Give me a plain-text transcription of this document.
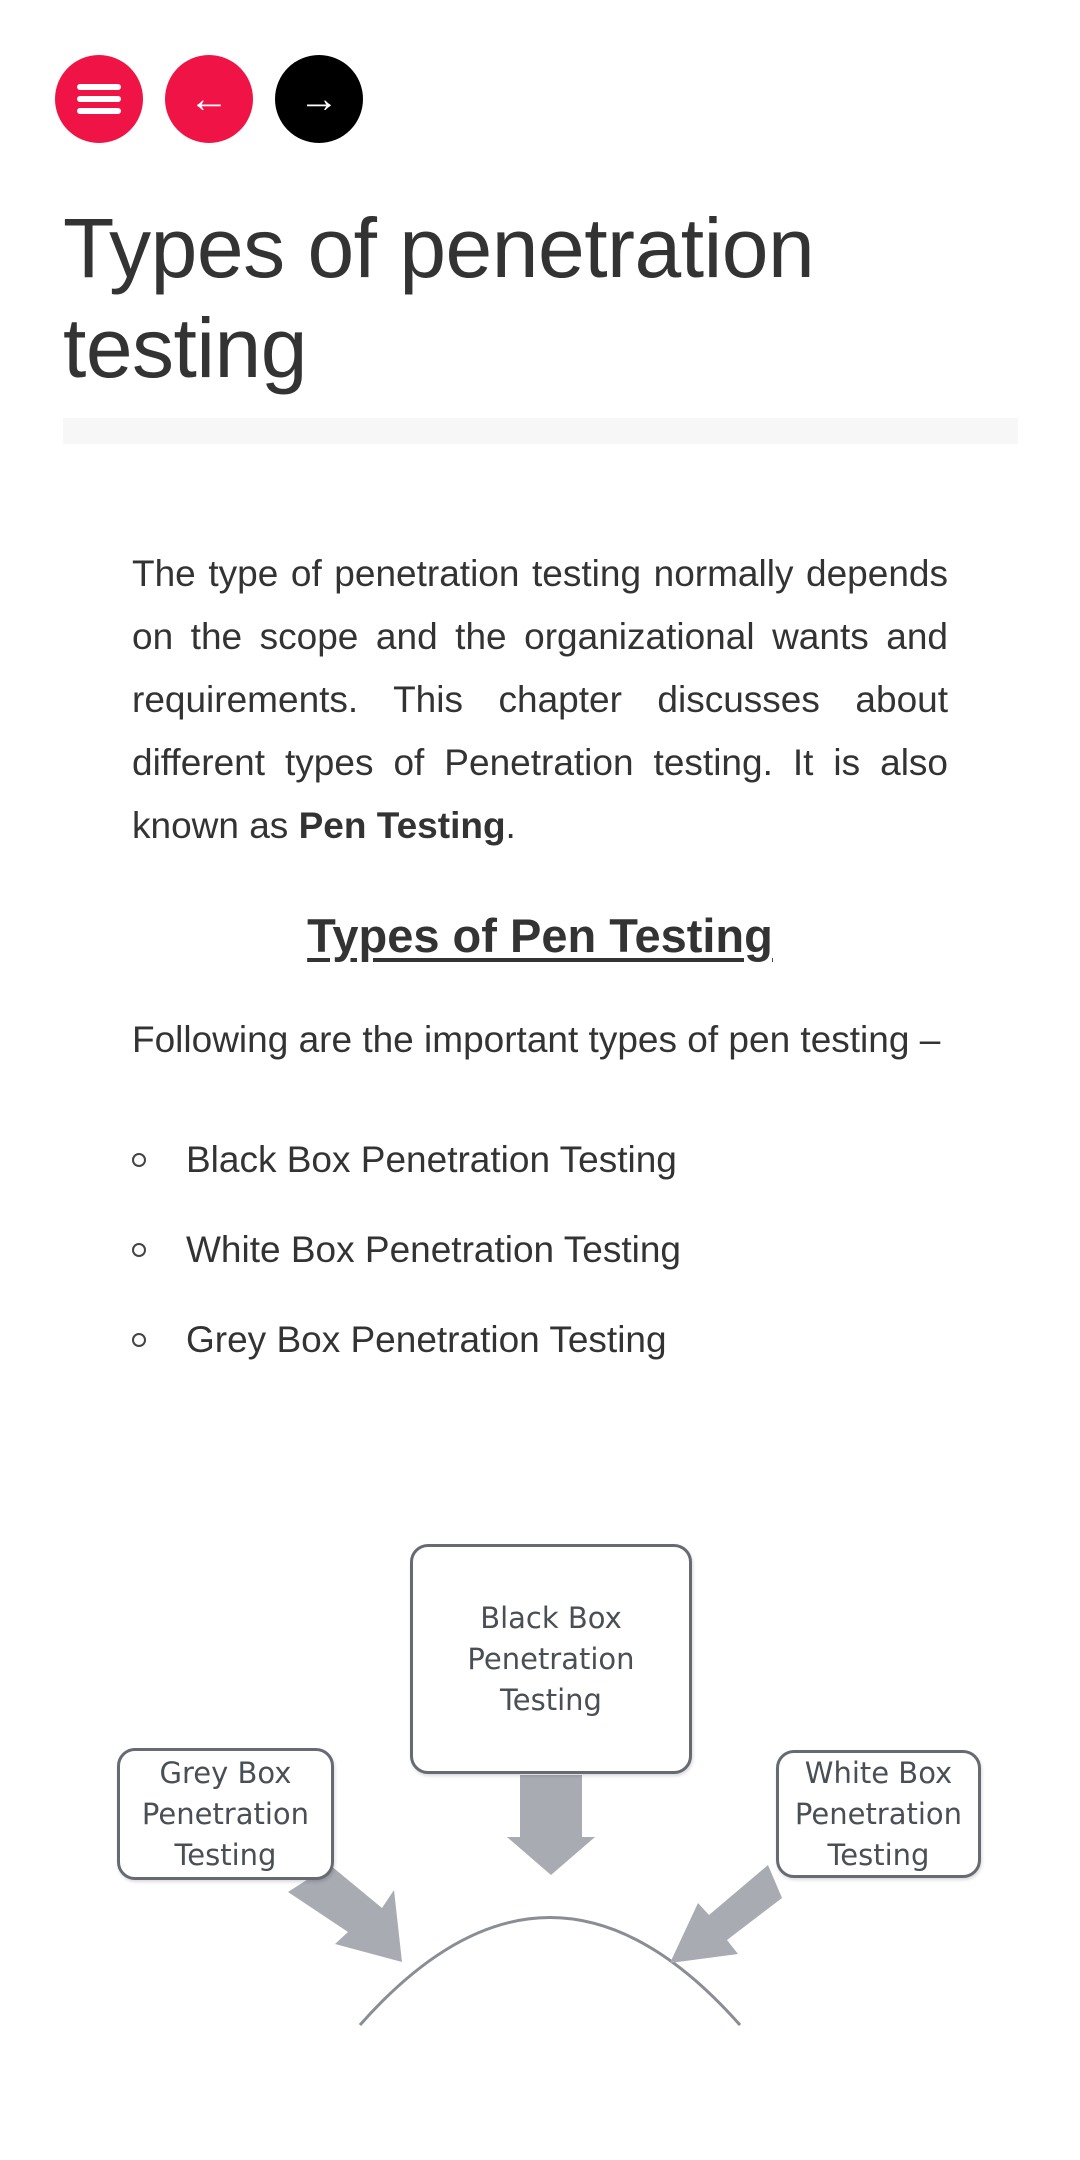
← →
Types of penetration testing

The type of penetration testing normally depends on the scope and the organizational wants and requirements. This chapter discusses about different types of Penetration testing. It is also known as Pen Testing.

Types of Pen Testing

Following are the important types of pen testing –

Black Box Penetration Testing
White Box Penetration Testing
Grey Box Penetration Testing
Black Box Penetration Testing
Grey Box Penetration Testing
White Box Penetration Testing
